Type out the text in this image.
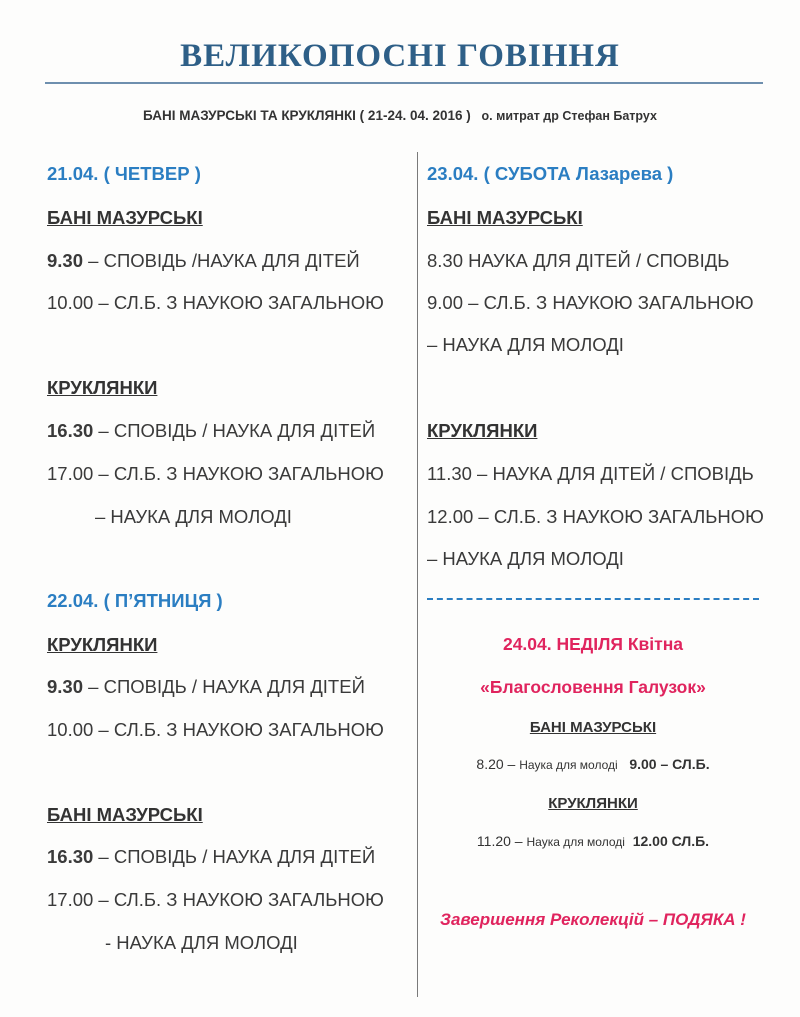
ВЕЛИКОПОСНІ ГОВІННЯ
БАНІ МАЗУРСЬКІ ТА КРУКЛЯНКІ ( 21-24. 04. 2016 ) о. митрат др Стефан Батрух
21.04. ( ЧЕТВЕР )
БАНІ МАЗУРСЬКІ
9.30 – СПОВІДЬ /НАУКА ДЛЯ ДІТЕЙ
10.00 – СЛ.Б. З НАУКОЮ ЗАГАЛЬНОЮ
КРУКЛЯНКИ
16.30 – СПОВІДЬ / НАУКА ДЛЯ ДІТЕЙ
17.00 – СЛ.Б. З НАУКОЮ ЗАГАЛЬНОЮ
– НАУКА ДЛЯ МОЛОДІ
22.04. ( П’ЯТНИЦЯ )
КРУКЛЯНКИ
9.30 – СПОВІДЬ / НАУКА ДЛЯ ДІТЕЙ
10.00 – СЛ.Б. З НАУКОЮ ЗАГАЛЬНОЮ
БАНІ МАЗУРСЬКІ
16.30 – СПОВІДЬ / НАУКА ДЛЯ ДІТЕЙ
17.00 – СЛ.Б. З НАУКОЮ ЗАГАЛЬНОЮ
- НАУКА ДЛЯ МОЛОДІ
23.04. ( СУБОТА Лазарева )
БАНІ МАЗУРСЬКІ
8.30 НАУКА ДЛЯ ДІТЕЙ / СПОВІДЬ
9.00 – СЛ.Б. З НАУКОЮ ЗАГАЛЬНОЮ
– НАУКА ДЛЯ МОЛОДІ
КРУКЛЯНКИ
11.30 – НАУКА ДЛЯ ДІТЕЙ / СПОВІДЬ
12.00 – СЛ.Б. З НАУКОЮ ЗАГАЛЬНОЮ
– НАУКА ДЛЯ МОЛОДІ
24.04. НЕДІЛЯ Квітна
«Благословення Галузок»
БАНІ МАЗУРСЬКІ
8.20 – Наука для молоді 9.00 – СЛ.Б.
КРУКЛЯНКИ
11.20 – Наука для молоді 12.00 СЛ.Б.
Завершення Реколекцій – ПОДЯКА !
